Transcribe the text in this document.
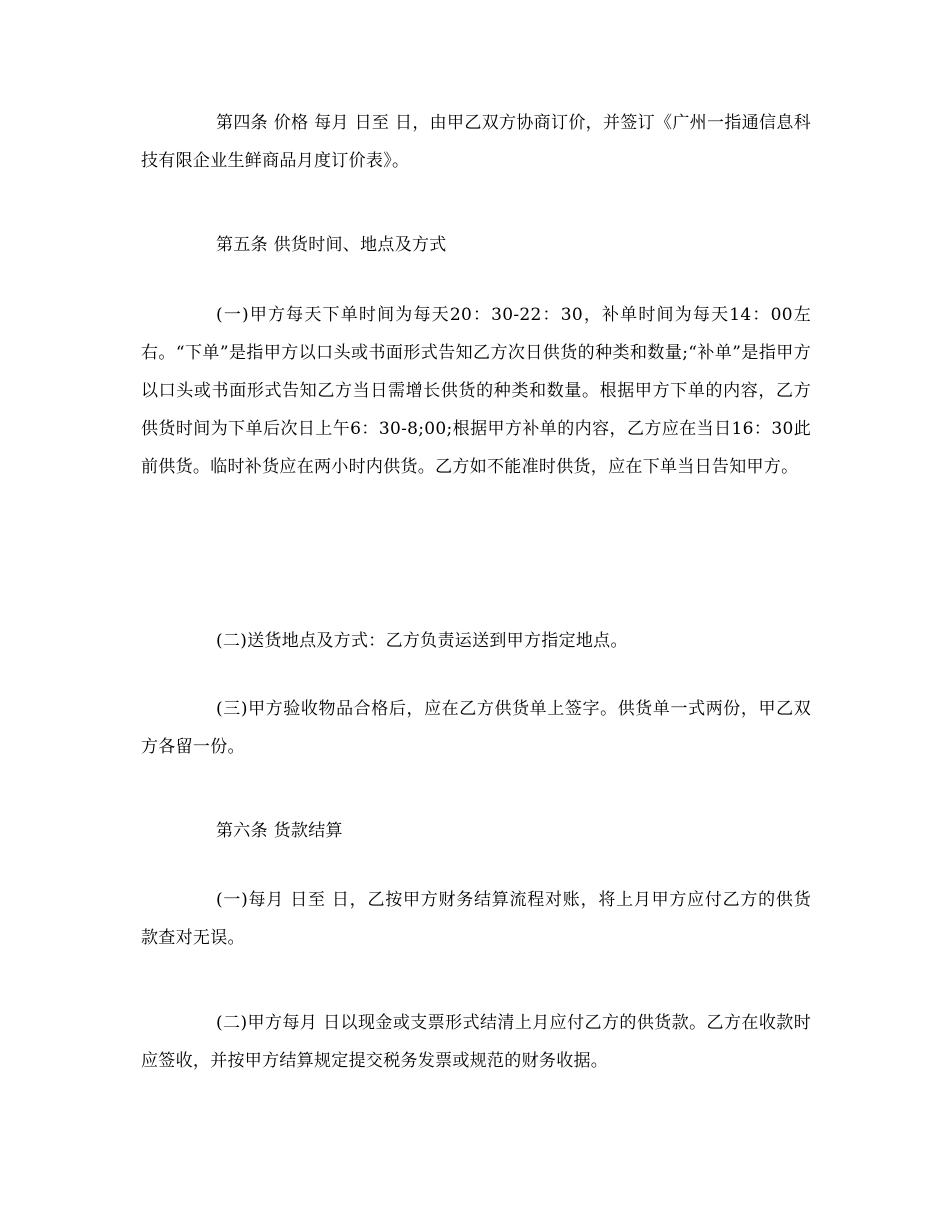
第四条 价格 每月 日至 日，由甲乙双方协商订价，并签订《广州一指通信息科技有限企业生鲜商品月度订价表》。

第五条 供货时间、地点及方式

(一)甲方每天下单时间为每天20：30-22：30，补单时间为每天14：00左右。“下单”是指甲方以口头或书面形式告知乙方次日供货的种类和数量;“补单”是指甲方以口头或书面形式告知乙方当日需增长供货的种类和数量。根据甲方下单的内容，乙方供货时间为下单后次日上午6：30-8;00;根据甲方补单的内容，乙方应在当日16：30此前供货。临时补货应在两小时内供货。乙方如不能准时供货，应在下单当日告知甲方。

(二)送货地点及方式：乙方负责运送到甲方指定地点。

(三)甲方验收物品合格后，应在乙方供货单上签字。供货单一式两份，甲乙双方各留一份。

第六条 货款结算

(一)每月 日至 日，乙按甲方财务结算流程对账，将上月甲方应付乙方的供货款查对无误。

(二)甲方每月 日以现金或支票形式结清上月应付乙方的供货款。乙方在收款时应签收，并按甲方结算规定提交税务发票或规范的财务收据。
